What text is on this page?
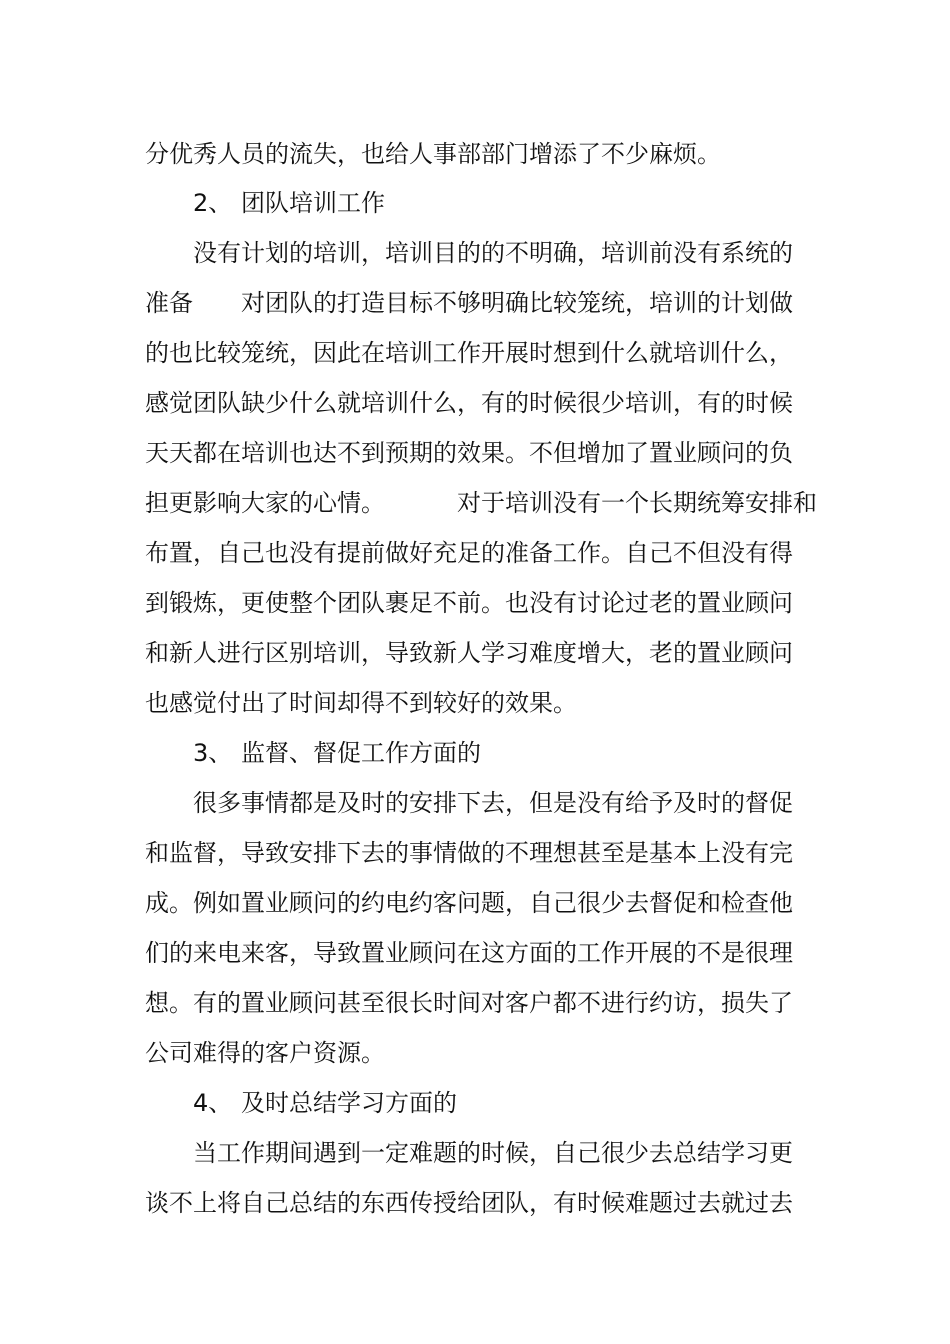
分优秀人员的流失，也给人事部部门增添了不少麻烦。
2、 团队培训工作
没有计划的培训，培训目的的不明确，培训前没有系统的
准备 对团队的打造目标不够明确比较笼统，培训的计划做
的也比较笼统，因此在培训工作开展时想到什么就培训什么，
感觉团队缺少什么就培训什么，有的时候很少培训，有的时候
天天都在培训也达不到预期的效果。不但增加了置业顾问的负
担更影响大家的心情。	对于培训没有一个长期统筹安排和
布置，自己也没有提前做好充足的准备工作。自己不但没有得
到锻炼，更使整个团队裹足不前。也没有讨论过老的置业顾问
和新人进行区别培训，导致新人学习难度增大，老的置业顾问
也感觉付出了时间却得不到较好的效果。
3、 监督、督促工作方面的
很多事情都是及时的安排下去，但是没有给予及时的督促
和监督，导致安排下去的事情做的不理想甚至是基本上没有完
成。例如置业顾问的约电约客问题，自己很少去督促和检查他
们的来电来客，导致置业顾问在这方面的工作开展的不是很理
想。有的置业顾问甚至很长时间对客户都不进行约访，损失了
公司难得的客户资源。
4、 及时总结学习方面的
当工作期间遇到一定难题的时候，自己很少去总结学习更
谈不上将自己总结的东西传授给团队，有时候难题过去就过去
